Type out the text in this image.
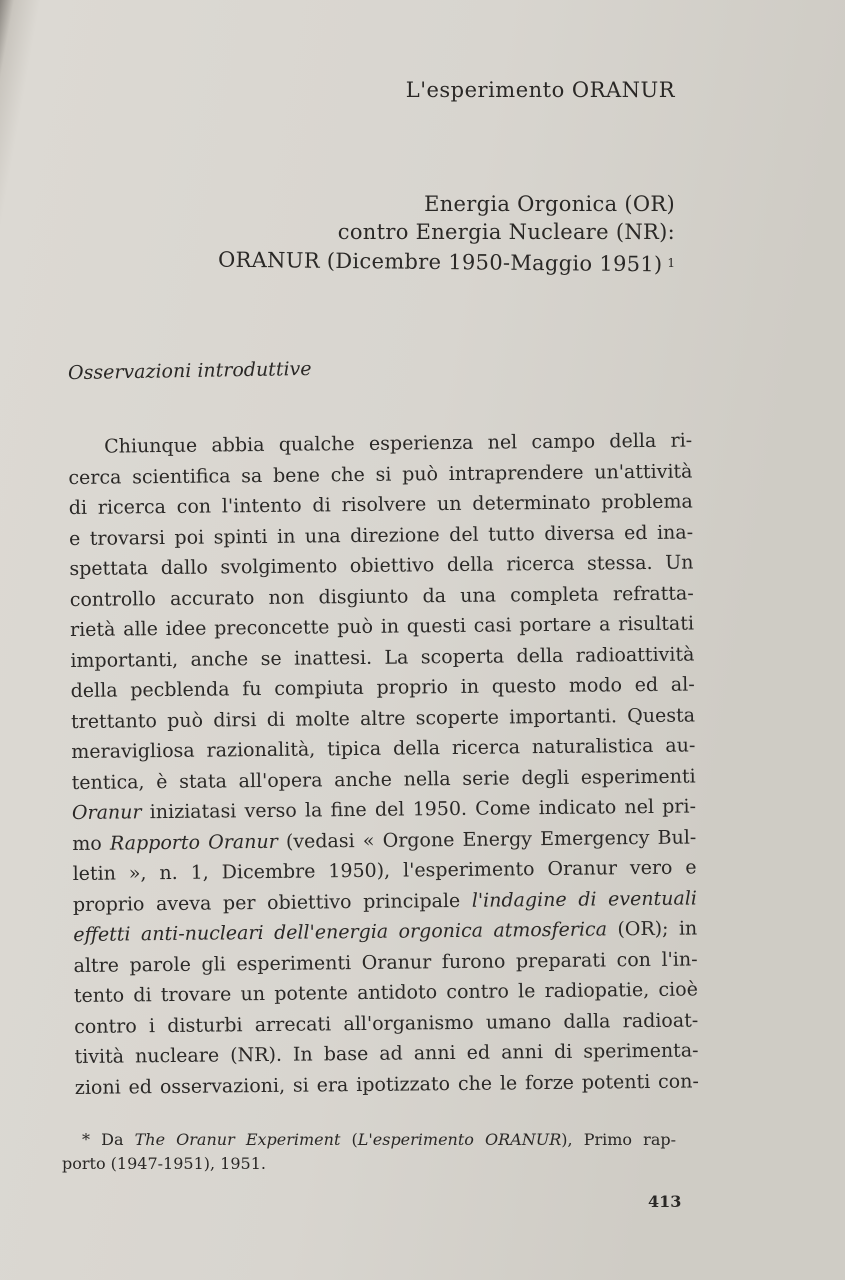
L'esperimento ORANUR
Energia Orgonica (OR)
contro Energia Nucleare (NR):
ORANUR (Dicembre 1950-Maggio 1951) 1
Osservazioni introduttive
Chiunque abbia qualche esperienza nel campo della ri-
cerca scientifica sa bene che si può intraprendere un'attività
di ricerca con l'intento di risolvere un determinato problema
e trovarsi poi spinti in una direzione del tutto diversa ed ina-
spettata dallo svolgimento obiettivo della ricerca stessa. Un
controllo accurato non disgiunto da una completa refratta-
rietà alle idee preconcette può in questi casi portare a risultati
importanti, anche se inattesi. La scoperta della radioattività
della pecblenda fu compiuta proprio in questo modo ed al-
trettanto può dirsi di molte altre scoperte importanti. Questa
meravigliosa razionalità, tipica della ricerca naturalistica au-
tentica, è stata all'opera anche nella serie degli esperimenti
Oranur iniziatasi verso la fine del 1950. Come indicato nel pri-
mo Rapporto Oranur (vedasi « Orgone Energy Emergency Bul-
letin », n. 1, Dicembre 1950), l'esperimento Oranur vero e
proprio aveva per obiettivo principale l'indagine di eventuali
effetti anti-nucleari dell'energia orgonica atmosferica (OR); in
altre parole gli esperimenti Oranur furono preparati con l'in-
tento di trovare un potente antidoto contro le radiopatie, cioè
contro i disturbi arrecati all'organismo umano dalla radioat-
tività nucleare (NR). In base ad anni ed anni di sperimenta-
zioni ed osservazioni, si era ipotizzato che le forze potenti con-
* Da The Oranur Experiment (L'esperimento ORANUR), Primo rap-
porto (1947-1951), 1951.
413
